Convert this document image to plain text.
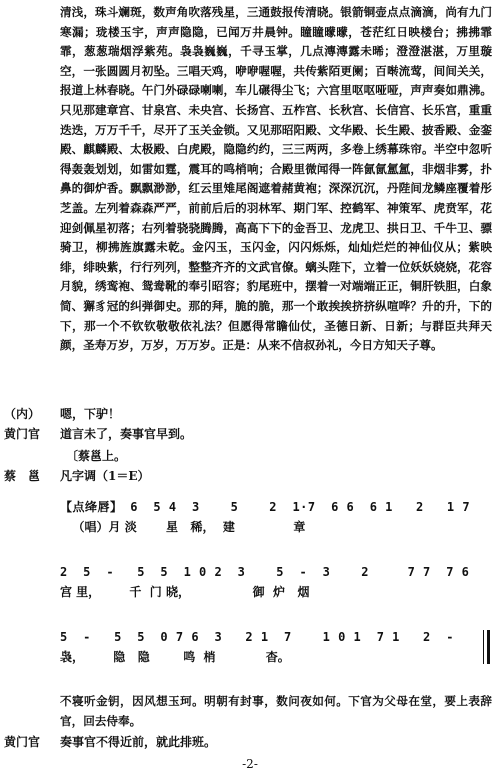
清浅，珠斗斓斑，数声角吹落残星，三通鼓报传清晓。银箭铜壶点点滴滴，尚有九门寒漏；珑楼玉宇，声声隐隐，已闻万井晨钟。瞳瞳曚曚，苍茫红日映楼台；拂拂霏霏，葱葱瑞烟浮紫苑。袅袅巍巍，千寻玉掌，几点漙漙露未晞；澄澄湛湛，万里璇空，一张圆圆月初坠。三唱天鸡，咿咿喔喔，共传紫陌更阑；百啭流莺，间间关关，报道上林春晓。午门外碌碌喇喇，车儿碾得尘飞；六宫里呕呕哑哑，声声奏如鼎沸。只见那建章宫、甘泉宫、未央宫、长扬宫、五柞宫、长秋宫、长信宫、长乐宫，重重迭迭，万万千千，尽开了玉关金锁。又见那昭阳殿、文华殿、长生殿、披香殿、金銮殿、麒麟殿、太极殿、白虎殿，隐隐约约，三三两两，多卷上绣幕珠帘。半空中忽听得轰轰划划，如雷如霆，震耳的鸣梢响；合殿里微闻得一阵氤氤氲氲，非烟非雾，扑鼻的御炉香。飘飘渺渺，红云里雉尾阁遮着赭黄袍；深深沉沉，丹陛间龙鳞座覆着彤芝盖。左列着森森严严，前前后后的羽林军、期门军、控鹤军、神策军、虎贲军，花迎剑佩星初落；右列着骁骁腾腾，高高下下的金吾卫、龙虎卫、拱日卫、千牛卫、骠骑卫，柳拂旌旗露未乾。金闪玉，玉闪金，闪闪烁烁，灿灿烂烂的神仙仪从；紫映绯，绯映紫，行行列列，整整齐齐的文武官僚。螭头陛下，立着一位妖妖娆娆，花容月貌，绣鸾袍、鸳鸯靴的奉引昭容；豹尾班中，摆着一对端端正正，铜肝铁胆，白象简、獬豸冠的纠弹御史。那的拜，脆的脆，那一个敢挨挨挤挤纵喧哗？升的升，下的下，那一个不钦钦敬敬依礼法？但愿得常瞻仙仗，圣德日新、日新；与群臣共拜天颜，圣寿万岁，万岁，万万岁。正是：从来不信叔孙礼，今日方知天子尊。
（内） 嗯，下驴！
黄门官 道言未了，奏事官早到。
〔蔡邕上。
蔡　邕 凡字调（1＝E）
【点绛唇】 6  5 4  3    5    2  1·7  6 6  6 1   2   1 7
（唱）月 淡       星   稀，  建              章
2  5  -   5  5  1 0 2  3    5  -  3    2     7 7  7 6
宫 里，       千  门 晓，               御  炉   烟
5  -   5  5  0 7 6  3   2 1  7    1 0 1  7 1   2  -
袅，       隐   隐        鸣  梢            杳。
不寝听金钥，因风想玉珂。明朝有封事，数问夜如何。下官为父母在堂，要上表辞官，回去侍奉。
黄门官 奏事官不得近前，就此排班。
-2-
